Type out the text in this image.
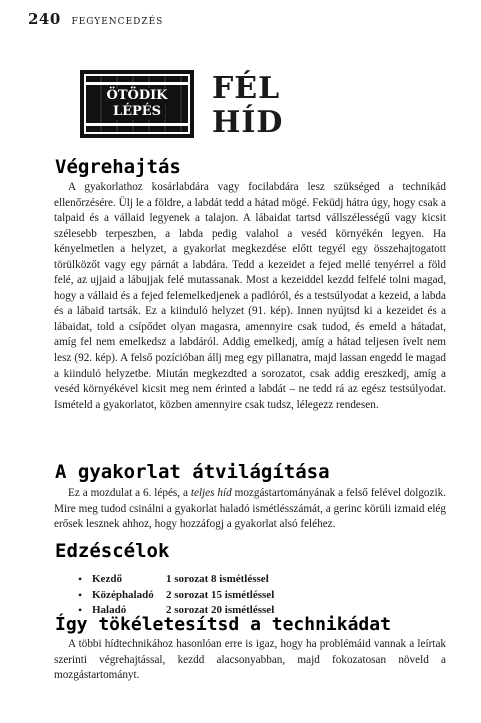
240 FEGYENCEDZÉS
ÖTÖDIK
LÉPÉS
FÉL
HÍD
Végrehajtás
A gyakorlathoz kosárlabdára vagy focilabdára lesz szükséged a technikád ellenőrzésére. Ülj le a földre, a labdát tedd a hátad mögé. Feküdj hátra úgy, hogy csak a talpaid és a vállaid legyenek a talajon. A lábaidat tartsd vállszélességű vagy kicsit szélesebb terpeszben, a labda pedig valahol a veséd környékén legyen. Ha kényelmetlen a helyzet, a gyakorlat megkezdése előtt tegyél egy összehajtogatott törülközőt vagy egy párnát a labdára. Tedd a kezeidet a fejed mellé tenyérrel a föld felé, az ujjaid a lábujjak felé mutassanak. Most a kezeiddel kezdd felfelé tolni magad, hogy a vállaid és a fejed felemelkedjenek a padlóról, és a testsúlyodat a kezeid, a labda és a lábaid tartsák. Ez a kiinduló helyzet (91. kép). Innen nyújtsd ki a kezeidet és a lábaidat, told a csípődet olyan magasra, amennyire csak tudod, és emeld a hátadat, amíg fel nem emelkedsz a labdáról. Addig emelkedj, amíg a hátad teljesen ívelt nem lesz (92. kép). A felső pozícióban állj meg egy pillanatra, majd lassan engedd le magad a kiinduló helyzetbe. Miután megkezdted a sorozatot, csak addig ereszkedj, amíg a veséd környékével kicsit meg nem érinted a labdát – ne tedd rá az egész testsúlyodat. Ismételd a gyakorlatot, közben amennyire csak tudsz, lélegezz rendesen.
A gyakorlat átvilágítása
Ez a mozdulat a 6. lépés, a teljes híd mozgástartományának a felső felével dolgozik. Mire meg tudod csinálni a gyakorlat haladó ismétlésszámát, a gerinc körüli izmaid elég erősek lesznek ahhoz, hogy hozzáfogj a gyakorlat alsó feléhez.
Edzéscélok
• Kezdő	1 sorozat 8 ismétléssel
• Középhaladó	2 sorozat 15 ismétléssel
• Haladó	2 sorozat 20 ismétléssel
Így tökéletesítsd a technikádat
A többi hídtechnikához hasonlóan erre is igaz, hogy ha problémáid vannak a leírtak szerinti végrehajtással, kezdd alacsonyabban, majd fokozatosan növeld a mozgástartományt.
